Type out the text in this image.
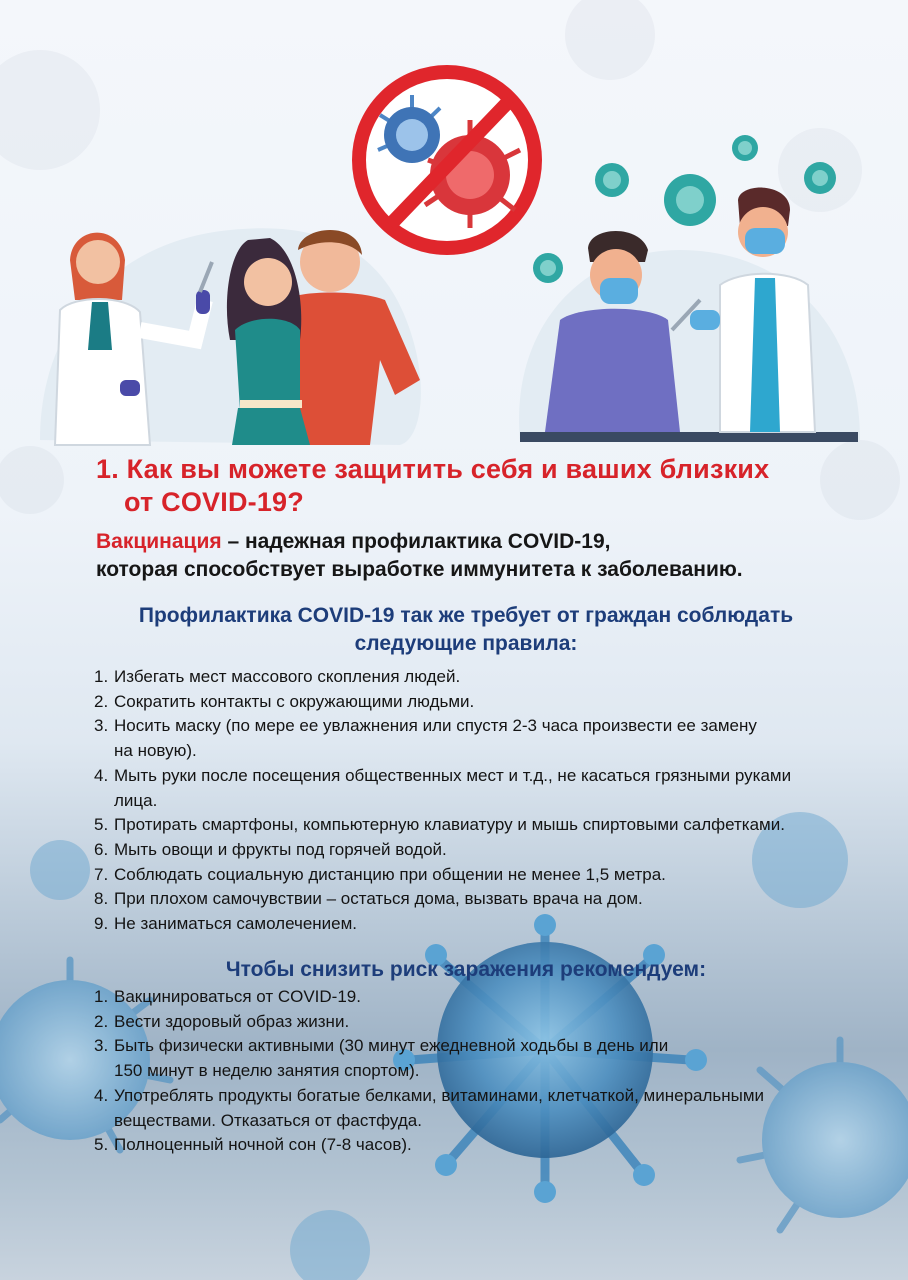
1. Как вы можете защитить себя и ваших близких
от COVID-19?
Вакцинация – надежная профилактика COVID-19,
которая способствует выработке иммунитета к заболеванию.
Профилактика COVID-19 так же требует от граждан соблюдать
следующие правила:
1. Избегать мест массового скопления людей.
2. Сократить контакты с окружающими людьми.
3. Носить маску (по мере ее увлажнения или спустя 2-3 часа произвести ее замену
на новую).
4. Мыть руки после посещения общественных мест и т.д., не касаться грязными руками
лица.
5. Протирать смартфоны, компьютерную клавиатуру и мышь спиртовыми салфетками.
6. Мыть овощи и фрукты под горячей водой.
7. Соблюдать социальную дистанцию при общении не менее 1,5 метра.
8. При плохом самочувствии – остаться дома, вызвать врача на дом.
9. Не заниматься самолечением.
Чтобы снизить риск заражения рекомендуем:
1. Вакцинироваться от COVID-19.
2. Вести здоровый образ жизни.
3. Быть физически активными (30 минут ежедневной ходьбы в день или
150 минут в неделю занятия спортом).
4. Употреблять продукты богатые белками, витаминами, клетчаткой, минеральными
веществами. Отказаться от фастфуда.
5. Полноценный ночной сон (7-8 часов).
